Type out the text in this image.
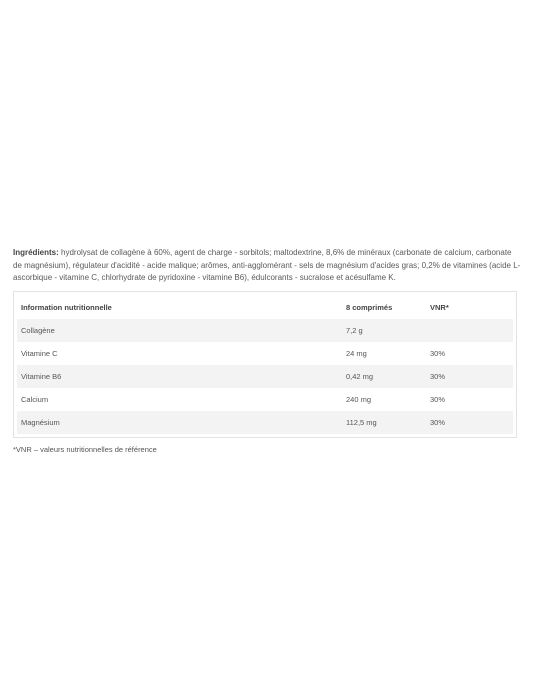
Ingrédients: hydrolysat de collagène à 60%, agent de charge - sorbitols; maltodextrine, 8,6% de minéraux (carbonate de calcium, carbonate de magnésium), régulateur d'acidité - acide malique; arômes, anti-agglomérant - sels de magnésium d'acides gras; 0,2% de vitamines (acide L-ascorbique - vitamine C, chlorhydrate de pyridoxine - vitamine B6), édulcorants - sucralose et acésulfame K.

Information nutritionnelle	8 comprimés	VNR*
Collagène	7,2 g
Vitamine C	24 mg	30%
Vitamine B6	0,42 mg	30%
Calcium	240 mg	30%
Magnésium	112,5 mg	30%
*VNR – valeurs nutritionnelles de référence
